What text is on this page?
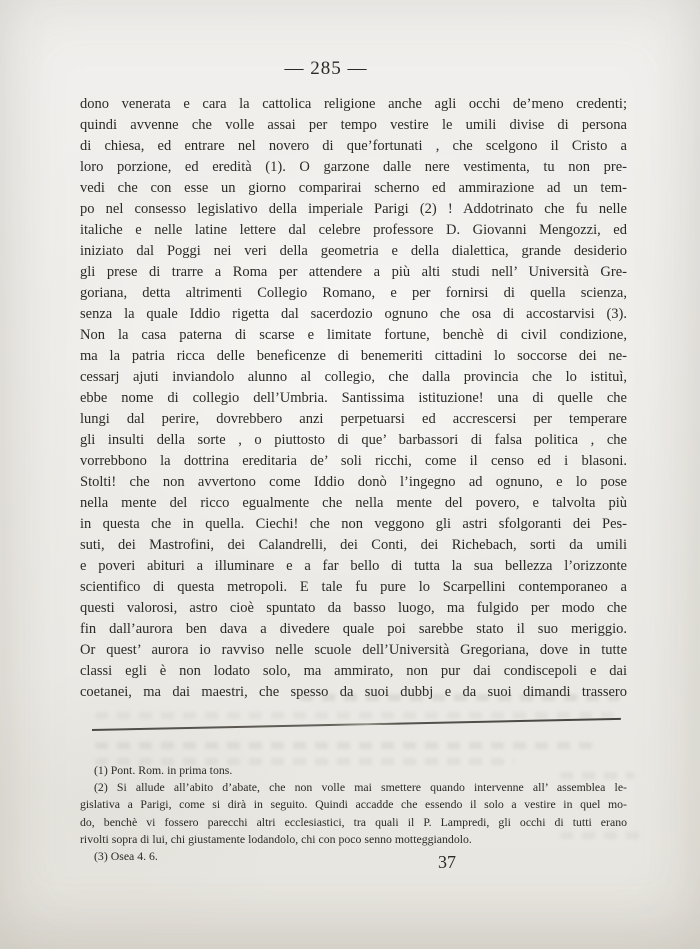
— 285 —
dono venerata e cara la cattolica religione anche agli occhi de’meno credenti;
quindi avvenne che volle assai per tempo vestire le umili divise di persona
di chiesa, ed entrare nel novero di que’fortunati , che scelgono il Cristo a
loro porzione, ed eredità (1). O garzone dalle nere vestimenta, tu non pre-
vedi che con esse un giorno comparirai scherno ed ammirazione ad un tem-
po nel consesso legislativo della imperiale Parigi (2) ! Addotrinato che fu nelle
italiche e nelle latine lettere dal celebre professore D. Giovanni Mengozzi, ed
iniziato dal Poggi nei veri della geometria e della dialettica, grande desiderio
gli prese di trarre a Roma per attendere a più alti studi nell’ Università Gre-
goriana, detta altrimenti Collegio Romano, e per fornirsi di quella scienza,
senza la quale Iddio rigetta dal sacerdozio ognuno che osa di accostarvisi (3).
Non la casa paterna di scarse e limitate fortune, benchè di civil condizione,
ma la patria ricca delle beneficenze di benemeriti cittadini lo soccorse dei ne-
cessarj ajuti inviandolo alunno al collegio, che dalla provincia che lo istituì,
ebbe nome di collegio dell’Umbria. Santissima istituzione! una di quelle che
lungi dal perire, dovrebbero anzi perpetuarsi ed accrescersi per temperare
gli insulti della sorte , o piuttosto di que’ barbassori di falsa politica , che
vorrebbono la dottrina ereditaria de’ soli ricchi, come il censo ed i blasoni.
Stolti! che non avvertono come Iddio donò l’ingegno ad ognuno, e lo pose
nella mente del ricco egualmente che nella mente del povero, e talvolta più
in questa che in quella. Ciechi! che non veggono gli astri sfolgoranti dei Pes-
suti, dei Mastrofini, dei Calandrelli, dei Conti, dei Richebach, sorti da umili
e poveri abituri a illuminare e a far bello di tutta la sua bellezza l’orizzonte
scientifico di questa metropoli. E tale fu pure lo Scarpellini contemporaneo a
questi valorosi, astro cioè spuntato da basso luogo, ma fulgido per modo che
fin dall’aurora ben dava a divedere quale poi sarebbe stato il suo meriggio.
Or quest’ aurora io ravviso nelle scuole dell’Università Gregoriana, dove in tutte
classi egli è non lodato solo, ma ammirato, non pur dai condiscepoli e dai
coetanei, ma dai maestri, che spesso da suoi dubbj e da suoi dimandi trassero
(1) Pont. Rom. in prima tons.
(2) Si allude all’abito d’abate, che non volle mai smettere quando intervenne all’ assemblea le-
gislativa a Parigi, come si dirà in seguito. Quindi accadde che essendo il solo a vestire in quel mo-
do, benchè vi fossero parecchi altri ecclesiastici, tra quali il P. Lampredi, gli occhi di tutti erano
rivolti sopra di lui, chi giustamente lodandolo, chi con poco senno motteggiandolo.
(3) Osea 4. 6.	37
